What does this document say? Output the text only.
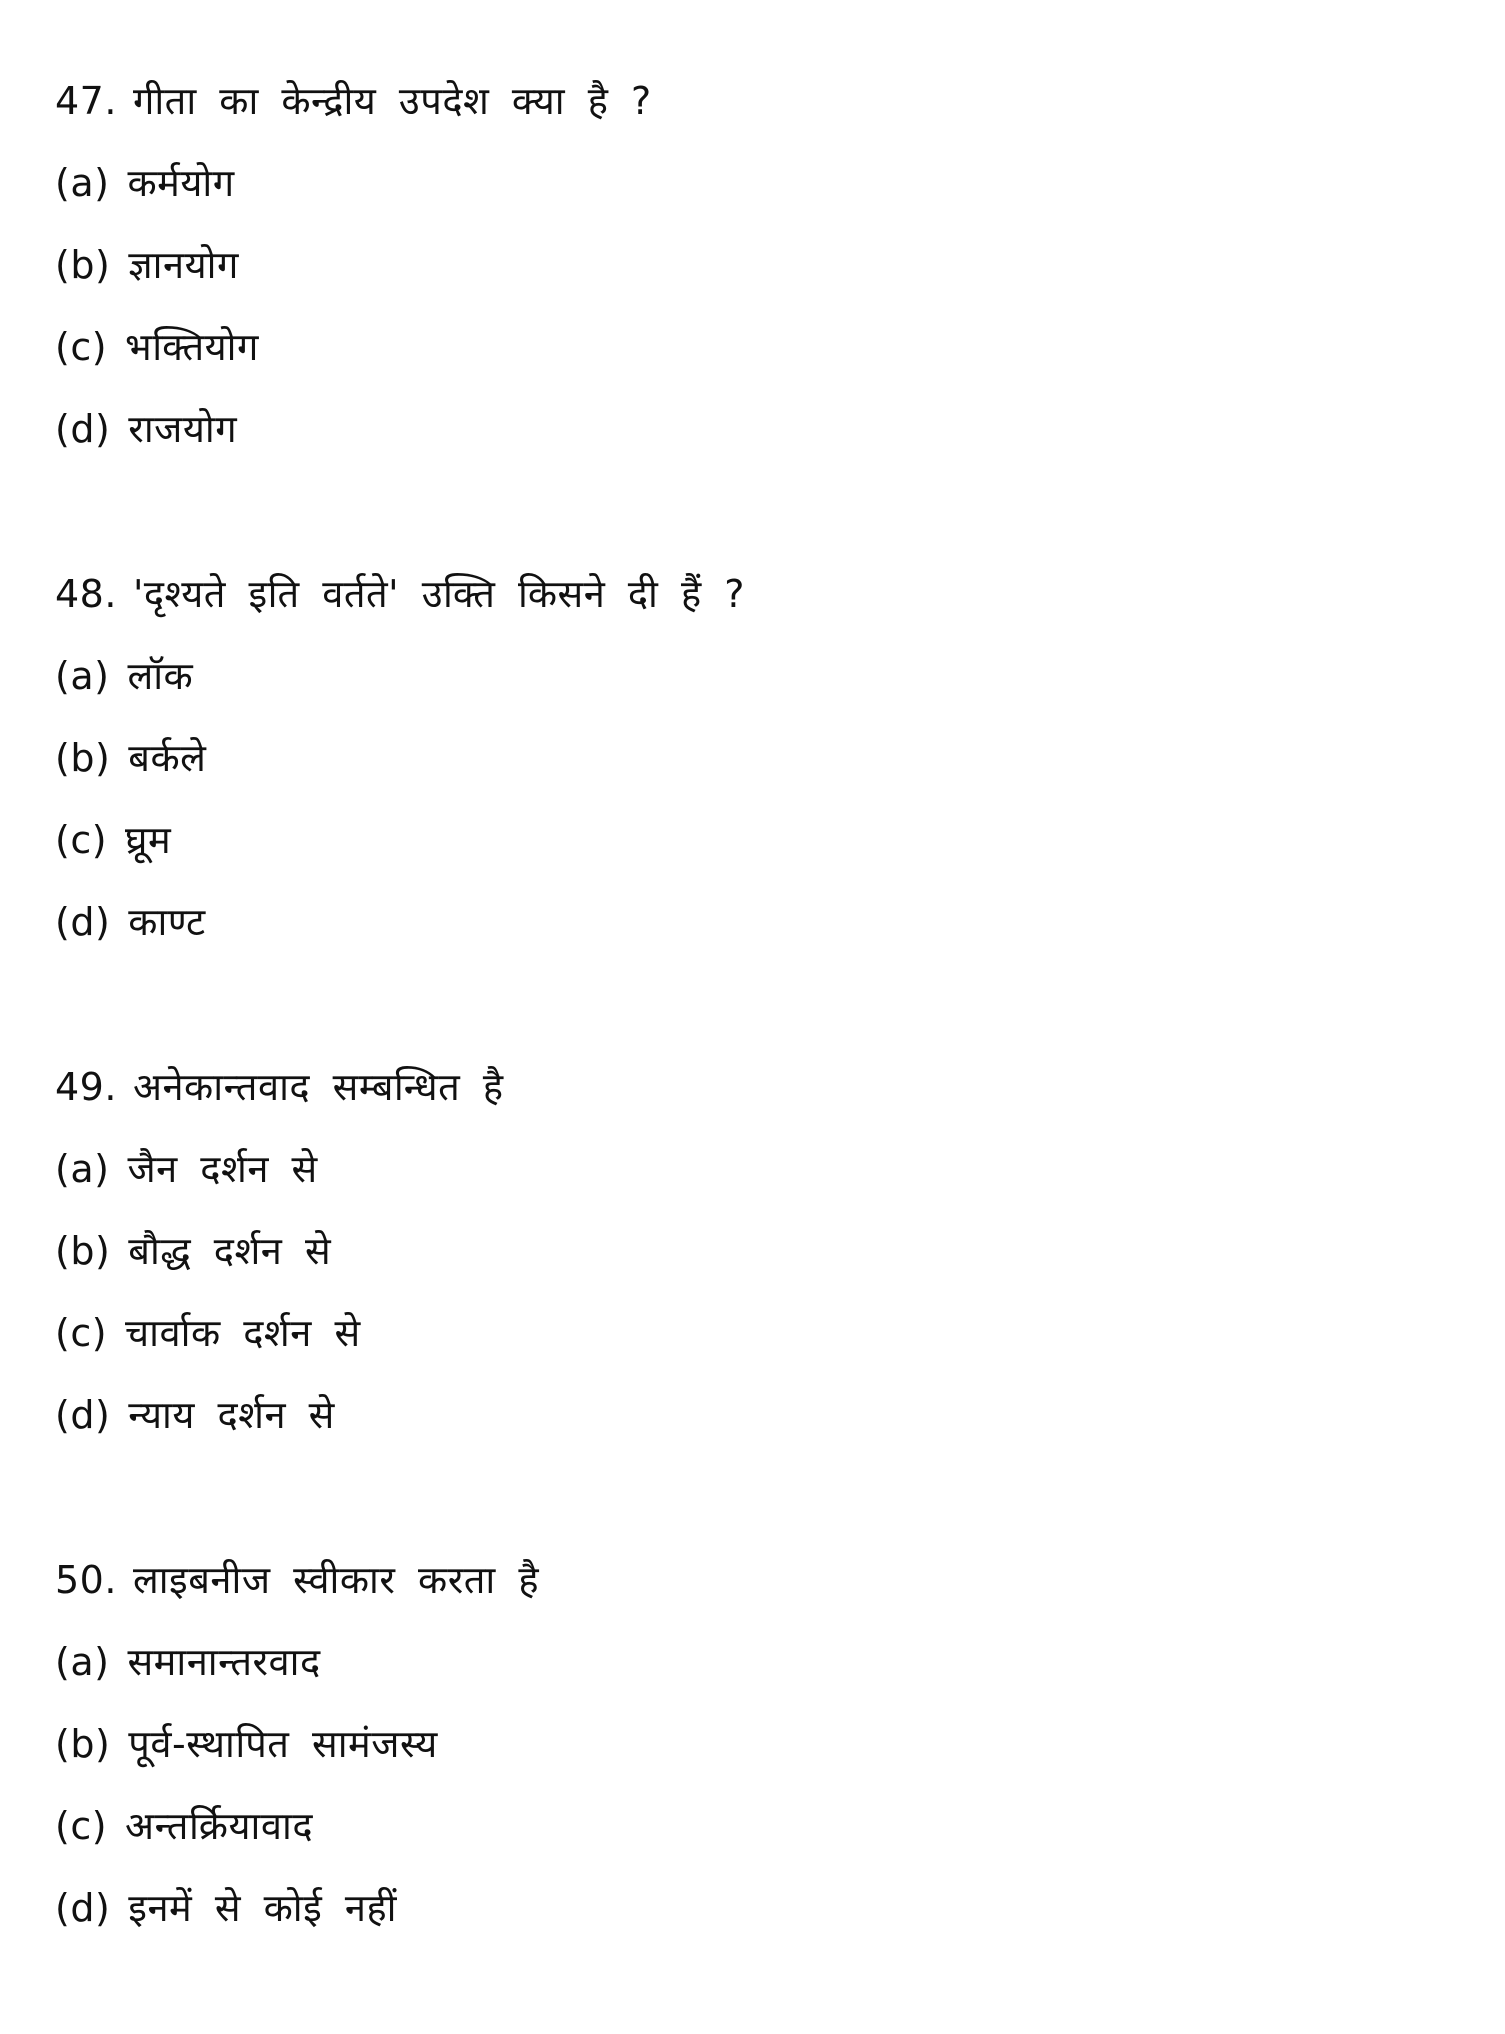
47. गीता का केन्द्रीय उपदेश क्या है ?
(a) कर्मयोग
(b) ज्ञानयोग
(c) भक्तियोग
(d) राजयोग
48. 'दृश्यते इति वर्तते' उक्ति किसने दी हैं ?
(a) लॉक
(b) बर्कले
(c) घ्रूम
(d) काण्ट
49. अनेकान्तवाद सम्बन्धित है
(a) जैन दर्शन से
(b) बौद्ध दर्शन से
(c) चार्वाक दर्शन से
(d) न्याय दर्शन से
50. लाइबनीज स्वीकार करता है
(a) समानान्तरवाद
(b) पूर्व-स्थापित सामंजस्य
(c) अन्तर्क्रियावाद
(d) इनमें से कोई नहीं
